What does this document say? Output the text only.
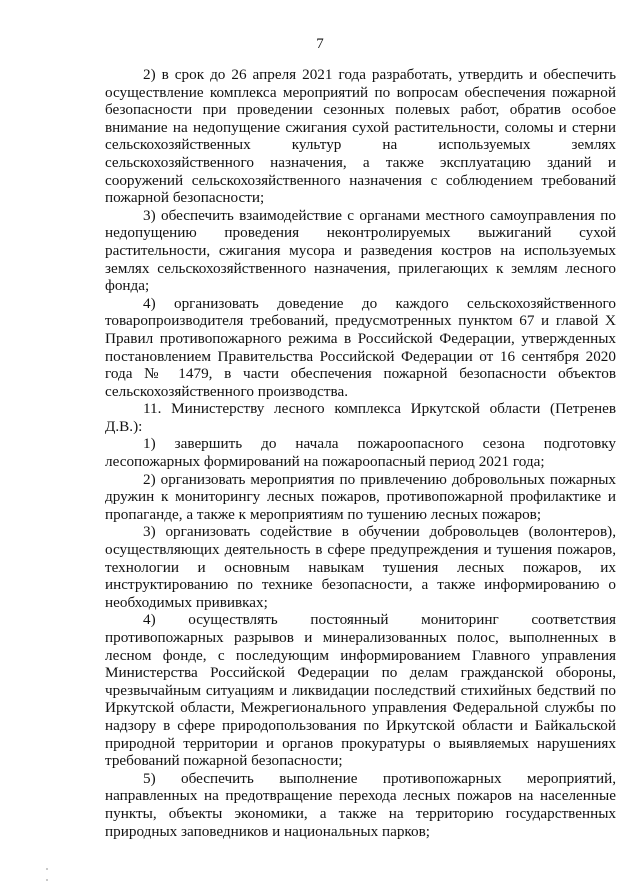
7

2) в срок до 26 апреля 2021 года разработать, утвердить и обеспечить осуществление комплекса мероприятий по вопросам обеспечения пожарной безопасности при проведении сезонных полевых работ, обратив особое внимание на недопущение сжигания сухой растительности, соломы и стерни сельскохозяйственных культур на используемых землях сельскохозяйственного назначения, а также эксплуатацию зданий и сооружений сельскохозяйственного назначения с соблюдением требований пожарной безопасности;

3) обеспечить взаимодействие с органами местного самоуправления по недопущению проведения неконтролируемых выжиганий сухой растительности, сжигания мусора и разведения костров на используемых землях сельскохозяйственного назначения, прилегающих к землям лесного фонда;

4) организовать доведение до каждого сельскохозяйственного товаропроизводителя требований, предусмотренных пунктом 67 и главой X Правил противопожарного режима в Российской Федерации, утвержденных постановлением Правительства Российской Федерации от 16 сентября 2020 года № 1479, в части обеспечения пожарной безопасности объектов сельскохозяйственного производства.

11. Министерству лесного комплекса Иркутской области (Петренев Д.В.):

1) завершить до начала пожароопасного сезона подготовку лесопожарных формирований на пожароопасный период 2021 года;

2) организовать мероприятия по привлечению добровольных пожарных дружин к мониторингу лесных пожаров, противопожарной профилактике и пропаганде, а также к мероприятиям по тушению лесных пожаров;

3) организовать содействие в обучении добровольцев (волонтеров), осуществляющих деятельность в сфере предупреждения и тушения пожаров, технологии и основным навыкам тушения лесных пожаров, их инструктированию по технике безопасности, а также информированию о необходимых прививках;

4) осуществлять постоянный мониторинг соответствия противопожарных разрывов и минерализованных полос, выполненных в лесном фонде, с последующим информированием Главного управления Министерства Российской Федерации по делам гражданской обороны, чрезвычайным ситуациям и ликвидации последствий стихийных бедствий по Иркутской области, Межрегионального управления Федеральной службы по надзору в сфере природопользования по Иркутской области и Байкальской природной территории и органов прокуратуры о выявляемых нарушениях требований пожарной безопасности;

5) обеспечить выполнение противопожарных мероприятий, направленных на предотвращение перехода лесных пожаров на населенные пункты, объекты экономики, а также на территорию государственных природных заповедников и национальных парков;
